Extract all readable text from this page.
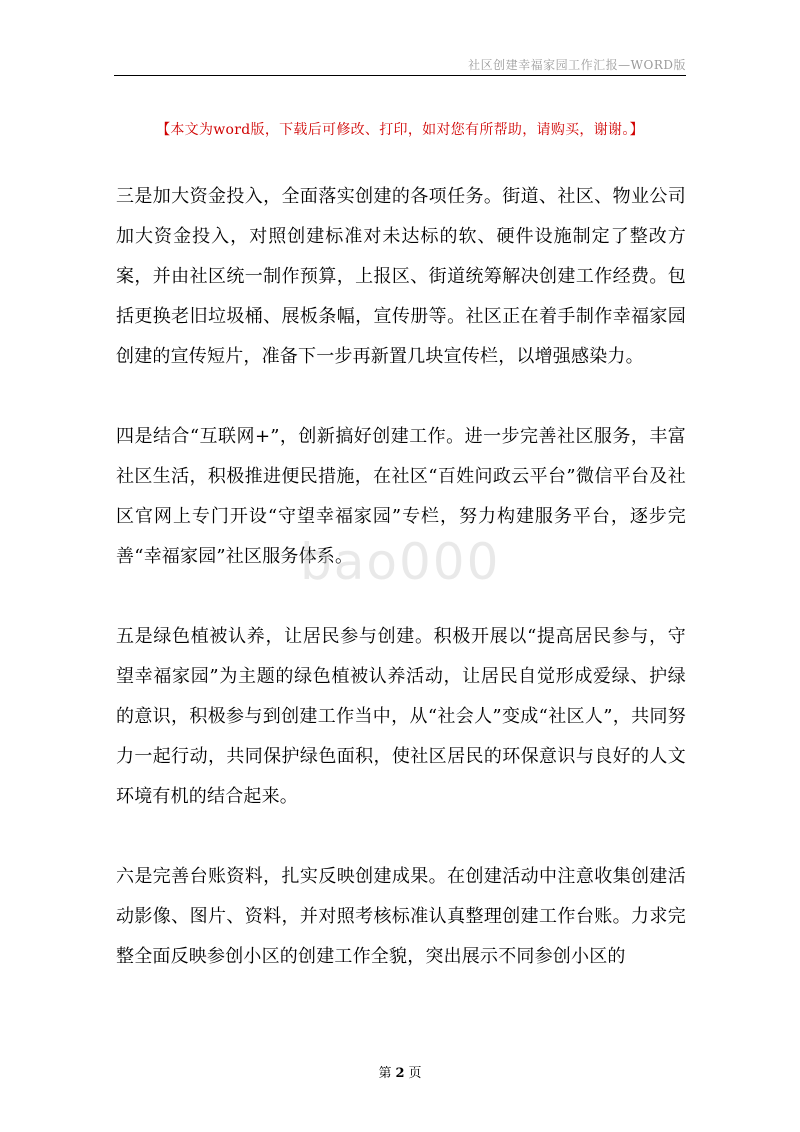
社区创建幸福家园工作汇报—WORD版
【本文为word版，下载后可修改、打印，如对您有所帮助，请购买，谢谢。】

三是加大资金投入，全面落实创建的各项任务。街道、社区、物业公司加大资金投入，对照创建标准对未达标的软、硬件设施制定了整改方案，并由社区统一制作预算，上报区、街道统筹解决创建工作经费。包括更换老旧垃圾桶、展板条幅，宣传册等。社区正在着手制作幸福家园创建的宣传短片，准备下一步再新置几块宣传栏，以增强感染力。

四是结合“互联网+”，创新搞好创建工作。进一步完善社区服务，丰富社区生活，积极推进便民措施，在社区“百姓问政云平台”微信平台及社区官网上专门开设“守望幸福家园”专栏，努力构建服务平台，逐步完善“幸福家园”社区服务体系。

五是绿色植被认养，让居民参与创建。积极开展以“提高居民参与，守望幸福家园”为主题的绿色植被认养活动，让居民自觉形成爱绿、护绿的意识，积极参与到创建工作当中，从“社会人”变成“社区人”，共同努力一起行动，共同保护绿色面积，使社区居民的环保意识与良好的人文环境有机的结合起来。

六是完善台账资料，扎实反映创建成果。在创建活动中注意收集创建活动影像、图片、资料，并对照考核标准认真整理创建工作台账。力求完整全面反映参创小区的创建工作全貌，突出展示不同参创小区的

bao000
第 2 页
